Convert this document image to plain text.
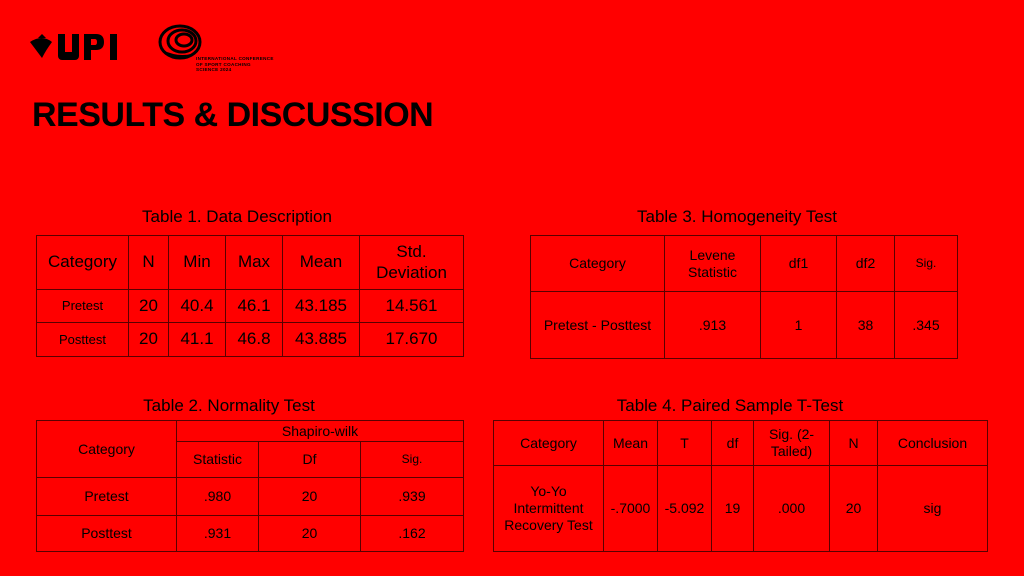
INTERNATIONAL CONFERENCE
OF SPORT COACHING
SCIENCE 2024
RESULTS & DISCUSSION
Table 1. Data Description
Category	N	Min	Max	Mean	Std. Deviation
Pretest	20	40.4	46.1	43.185	14.561
Posttest	20	41.1	46.8	43.885	17.670
Table 3. Homogeneity Test
Category	Levene Statistic	df1	df2	Sig.
Pretest - Posttest	.913	1	38	.345
Table 2. Normality Test
Category	Shapiro-wilk		
	Statistic	Df	Sig.
Pretest	.980	20	.939
Posttest	.931	20	.162
Table 4. Paired Sample T-Test
Category	Mean	T	df	Sig. (2-Tailed)	N	Conclusion
Yo-Yo Intermittent Recovery Test	-.7000	-5.092	19	.000	20	sig
